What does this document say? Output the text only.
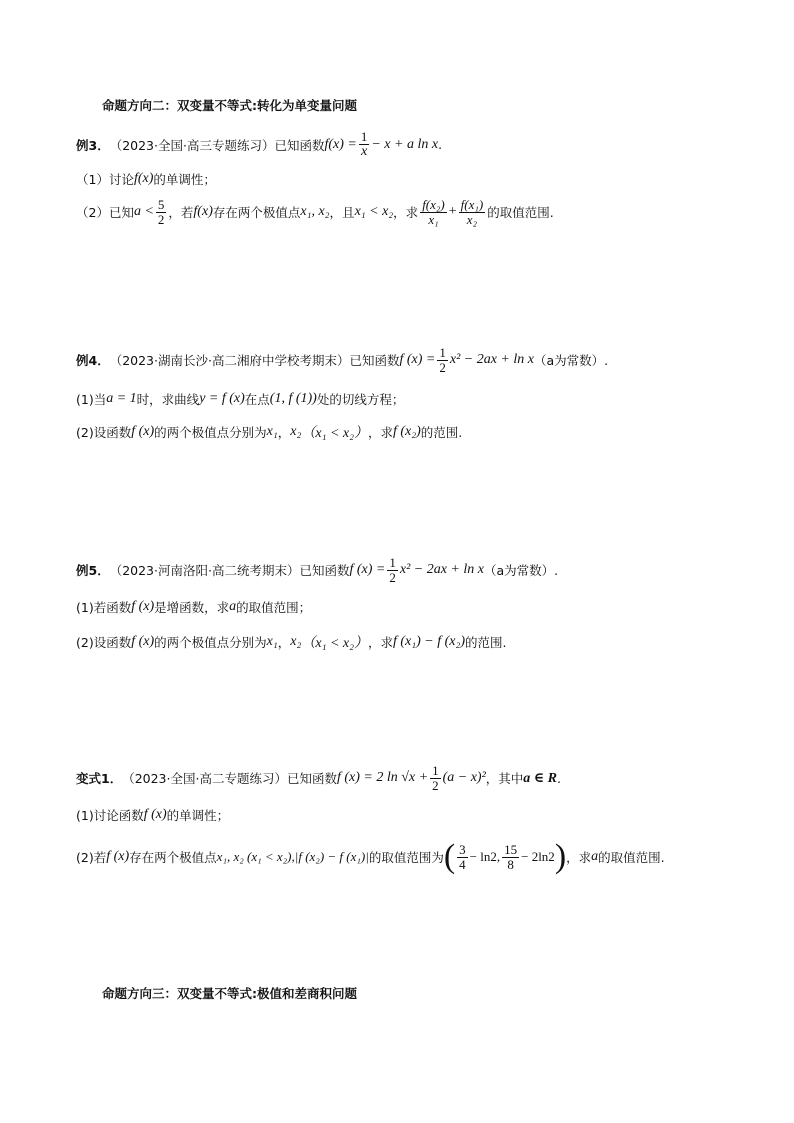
命题方向二：双变量不等式:转化为单变量问题
例3． （2023·全国·高三专题练习） 已知函数 $f(x) = \frac{1}{x} - x + a$ ln x .
（1）讨论 f(x) 的单调性；
（2）已知 $a < \frac{5}{2}$ ，若 f(x) 存在两个极值点 x₁, x₂ ，且 x₁ < x₂ ，求 $\frac{\text{f(x₂)}}{\text{x₁}} + \frac{\text{f(x₁)}}{\text{x₂}}$ 的取值范围.
例4． （2023·湖南长沙·高二湘府中学校考期末） 已知函数 f $(x) = \frac{1}{2} x^2 - 2ax + \ln x$ （a为常数）.
(1)当 a = 1 时，求曲线 y = f (x) 在点 (1, f (1)) 处的切线方程；
(2)设函数 f (x) 的两个极值点分别为 x₁ ， x₂ （x₁ < x₂） ，求 f (x₂) 的范围.
例5． （2023·河南洛阳·高二统考期末） 已知函数 f $(x) = \frac{1}{2} x^2 - 2ax + \ln x$ （a为常数）.
(1)若函数 f (x) 是增函数，求 a 的取值范围；
(2)设函数 f (x) 的两个极值点分别为 x₁ ， x₂ （x₁ < x₂） ，求 f (x₁) − f (x₂) 的范围.
变式1． （2023·全国·高二专题练习） 已知函数 f (x) = 2 $\ln √x + \frac{1}{2} (a - x)^2$ ，其中 a ∈ R .
(1)讨论函数 f (x) 的单调性；
(2)若 f (x) 存在两个极值点 x₁, x₂ (x₁ < x₂), |f (x₂) − f (x₁)| 的取值范围为 ( $\frac{3}{4} - \ln 2$, $\frac{15}{8} - 2\ln 2$ ) ，求 a 的取值范围.
命题方向三：双变量不等式:极值和差商积问题
